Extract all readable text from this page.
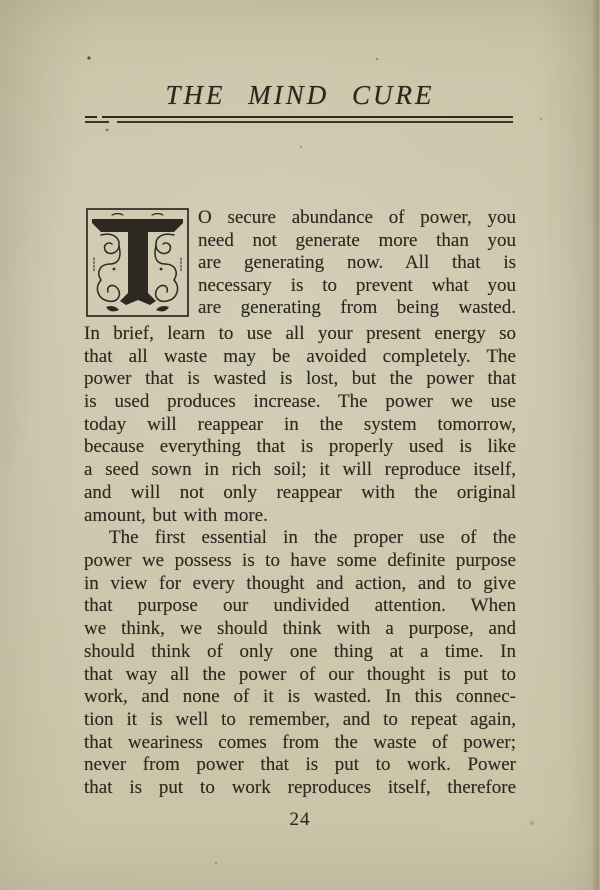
THE MIND CURE
O secure abundance of power, you
need not generate more than you
are generating now. All that is
necessary is to prevent what you
are generating from being wasted.
In brief, learn to use all your present energy so
that all waste may be avoided completely. The
power that is wasted is lost, but the power that
is used produces increase. The power we use
today will reappear in the system tomorrow,
because everything that is properly used is like
a seed sown in rich soil; it will reproduce itself,
and will not only reappear with the original
amount, but with more.
The first essential in the proper use of the
power we possess is to have some definite purpose
in view for every thought and action, and to give
that purpose our undivided attention. When
we think, we should think with a purpose, and
should think of only one thing at a time. In
that way all the power of our thought is put to
work, and none of it is wasted. In this connec-
tion it is well to remember, and to repeat again,
that weariness comes from the waste of power;
never from power that is put to work. Power
that is put to work reproduces itself, therefore
24
